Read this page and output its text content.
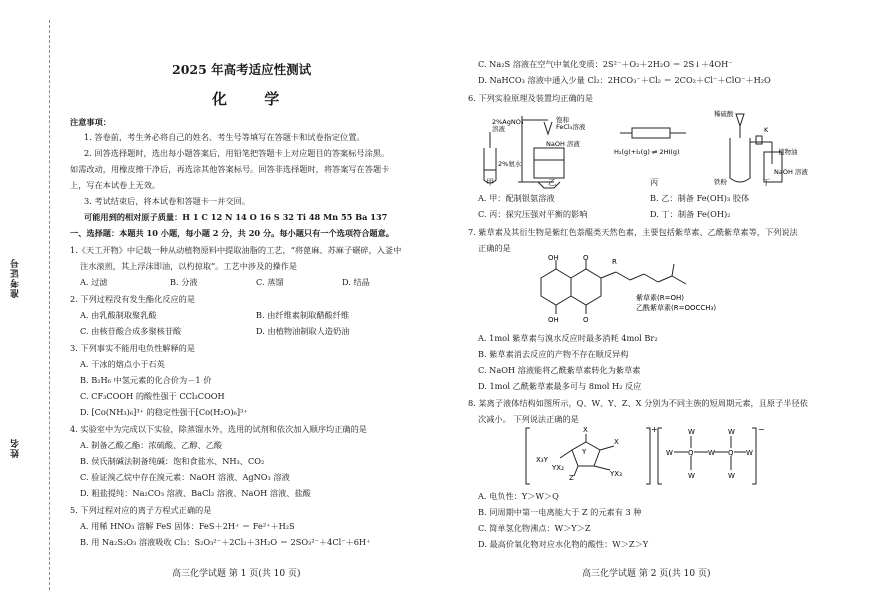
准考证号
姓名
2025 年高考适应性测试
化 学
注意事项：
1. 答卷前，考生务必将自己的姓名、考生号等填写在答题卡和试卷指定位置。
2. 回答选择题时，选出每小题答案后，用铅笔把答题卡上对应题目的答案标号涂黑。
如需改动，用橡皮擦干净后，再选涂其他答案标号。回答非选择题时，将答案写在答题卡
上，写在本试卷上无效。
3. 考试结束后，将本试卷和答题卡一并交回。
可能用到的相对原子质量：H 1 C 12 N 14 O 16 S 32 Ti 48 Mn 55 Ba 137
一、选择题：本题共 10 小题，每小题 2 分，共 20 分。每小题只有一个选项符合题意。
1.《天工开物》中记载一种从动植物原料中提取油脂的工艺，“将蓖麻、苏麻子碾碎，入釜中
注水滚煎，其上浮沫即油，以杓掠取”。工艺中涉及的操作是
A. 过滤	B. 分液	C. 蒸馏	D. 结晶
2. 下列过程没有发生酯化反应的是
A. 由乳酸制取聚乳酸	B. 由纤维素制取醋酸纤维
C. 由核苷酸合成多聚核苷酸	D. 由植物油制取人造奶油
3. 下列事实不能用电负性解释的是
A. 干冰的熔点小于石英
B. B₂H₆ 中氢元素的化合价为－1 价
C. CF₃COOH 的酸性强于 CCl₃COOH
D. [Co(NH₃)₆]³⁺ 的稳定性强于[Co(H₂O)₆]³⁺
4. 实验室中为完成以下实验，除蒸馏水外，选用的试剂和依次加入顺序均正确的是
A. 制备乙酸乙酯：浓硫酸、乙醇、乙酸
B. 侯氏制碱法制备纯碱：饱和食盐水、NH₃、CO₂
C. 验证溴乙烷中存在溴元素：NaOH 溶液、AgNO₃ 溶液
D. 粗盐提纯：Na₂CO₃ 溶液、BaCl₂ 溶液、NaOH 溶液、盐酸
5. 下列过程对应的离子方程式正确的是
A. 用稀 HNO₃ 溶解 FeS 固体：FeS＋2H⁺ ＝ Fe²⁺＋H₂S
B. 用 Na₂S₂O₃ 溶液吸收 Cl₂：S₂O₃²⁻＋2Cl₂＋3H₂O ＝ 2SO₃²⁻＋4Cl⁻＋6H⁺
高三化学试题 第 1 页(共 10 页)
C. Na₂S 溶液在空气中氧化变质：2S²⁻＋O₂＋2H₂O ＝ 2S↓＋4OH⁻
D. NaHCO₃ 溶液中通入少量 Cl₂：2HCO₃⁻＋Cl₂ ＝ 2CO₂＋Cl⁻＋ClO⁻＋H₂O
6. 下列实验原理及装置均正确的是
2%AgNO₃
溶液
2%氨水
饱和
FeCl₃溶液
NaOH 溶液
H₂(g)+I₂(g) ⇌ 2HI(g)
稀硫酸
K
铁粉
NaOH 溶液
植物油
甲	乙	丙	丁
A. 甲：配制银氨溶液	B. 乙：制备 Fe(OH)₃ 胶体
C. 丙：探究压强对平衡的影响	D. 丁：制备 Fe(OH)₂
7. 紫草素及其衍生物是紫红色萘醌类天然色素，主要包括紫草素、乙酰紫草素等，下列说法
正确的是
OH	O	R
OH	O
紫草素(R=OH)
乙酰紫草素(R=OOCCH₃)
A. 1mol 紫草素与溴水反应时最多消耗 4mol Br₂
B. 紫草素消去反应的产物不存在顺反异构
C. NaOH 溶液能将乙酰紫草素转化为紫草素
D. 1mol 乙酰紫草素最多可与 8mol H₂ 反应
8. 某离子液体结构如图所示，Q、W、Y、Z、X 分别为不同主族的短周期元素，且原子半径依
次减小。 下列说法正确的是
X
Y
X
X₃Y
YX₂
Z	YX₃
+
W Q W Q W
W
W
W
W
−
A. 电负性：Y＞W＞Q
B. 同周期中第一电离能大于 Z 的元素有 3 种
C. 简单氢化物沸点：W＞Y＞Z
D. 最高价氧化物对应水化物的酸性：W＞Z＞Y
高三化学试题 第 2 页(共 10 页)
